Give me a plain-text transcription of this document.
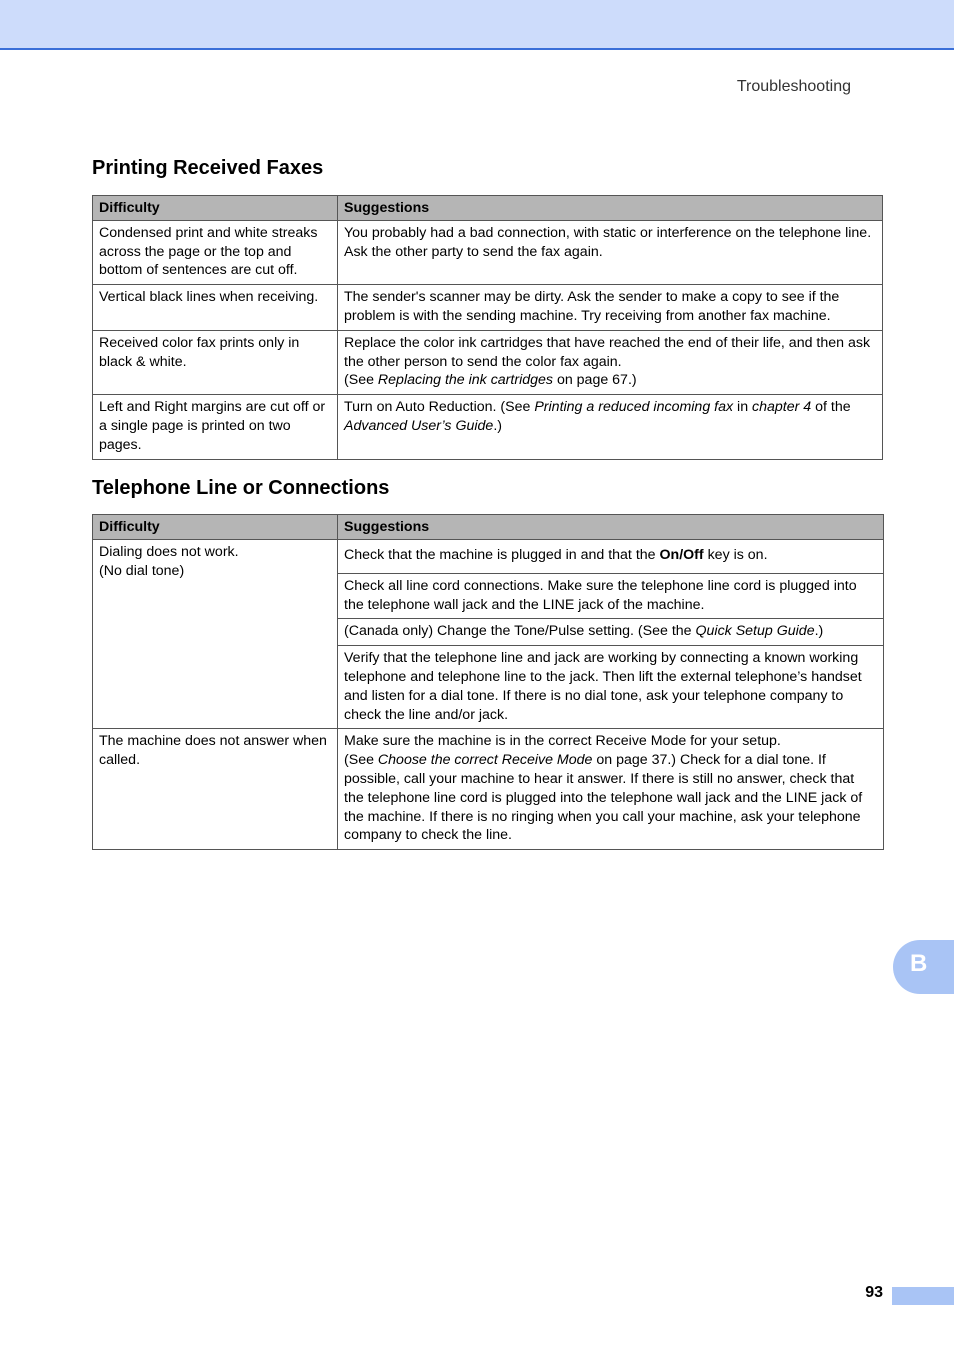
Troubleshooting
Printing Received Faxes
Difficulty	Suggestions
Condensed print and white streaks across the page or the top and bottom of sentences are cut off.	You probably had a bad connection, with static or interference on the telephone line. Ask the other party to send the fax again.
Vertical black lines when receiving.	The sender's scanner may be dirty. Ask the sender to make a copy to see if the problem is with the sending machine. Try receiving from another fax machine.
Received color fax prints only in black & white.	Replace the color ink cartridges that have reached the end of their life, and then ask the other person to send the color fax again.
(See Replacing the ink cartridges on page 67.)
Left and Right margins are cut off or a single page is printed on two pages.	Turn on Auto Reduction. (See Printing a reduced incoming fax in chapter 4 of the
Advanced User’s Guide.)
Telephone Line or Connections
Difficulty	Suggestions
Dialing does not work.
(No dial tone)	Check that the machine is plugged in and that the On/Off key is on.
	Check all line cord connections. Make sure the telephone line cord is plugged into the telephone wall jack and the LINE jack of the machine.
	(Canada only) Change the Tone/Pulse setting. (See the Quick Setup Guide.)
	Verify that the telephone line and jack are working by connecting a known working telephone and telephone line to the jack. Then lift the external telephone’s handset and listen for a dial tone. If there is no dial tone, ask your telephone company to check the line and/or jack.
The machine does not answer when called.	Make sure the machine is in the correct Receive Mode for your setup.
(See Choose the correct Receive Mode on page 37.) Check for a dial tone. If possible, call your machine to hear it answer. If there is still no answer, check that the telephone line cord is plugged into the telephone wall jack and the LINE jack of the machine. If there is no ringing when you call your machine, ask your telephone company to check the line.
B
93
